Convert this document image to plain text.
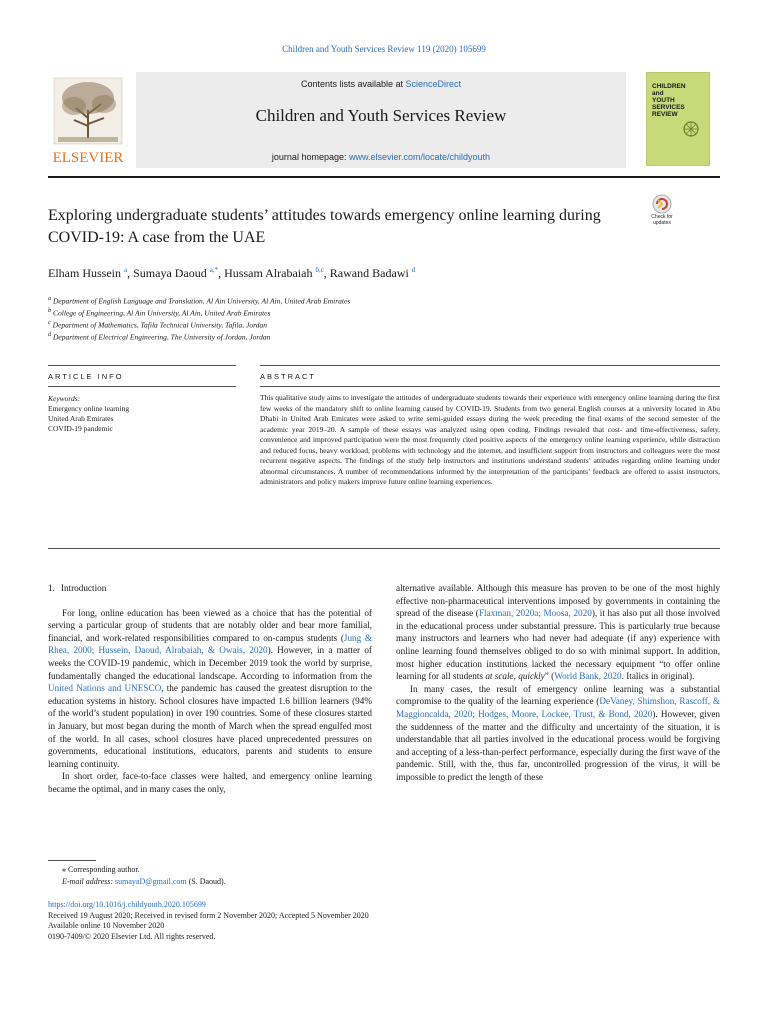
Children and Youth Services Review 119 (2020) 105699
ELSEVIER
Contents lists available at ScienceDirect
Children and Youth Services Review
journal homepage: www.elsevier.com/locate/childyouth
CHILDREN
and
YOUTH
SERVICES
REVIEW
Exploring undergraduate students’ attitudes towards emergency online learning during COVID-19: A case from the UAE
Check for
updates
Elham Hussein $^a$, Sumaya Daoud $^{a,*}$, Hussam Alrabaiah $^{b,c}$, Rawand Badawi $^d$
$^a$ Department of English Language and Translation, Al Ain University, Al Ain, United Arab Emirates
$^b$ College of Engineering, Al Ain University, Al Ain, United Arab Emirates
$^c$ Department of Mathematics, Tafila Technical University, Tafila, Jordan
$^d$ Department of Electrical Engineering, The University of Jordan, Jordan
ARTICLE INFO	ABSTRACT
Keywords:
Emergency online learning
United Arab Emirates
COVID-19 pandemic
This qualitative study aims to investigate the attitudes of undergraduate students towards their experience with emergency online learning during the first few weeks of the mandatory shift to online learning caused by COVID-19. Students from two general English courses at a university located in Abu Dhabi in United Arab Emirates were asked to write semi-guided essays during the week preceding the final exams of the second semester of the academic year 2019–20. A sample of these essays was analyzed using open coding. Findings revealed that cost- and time-effectiveness, safety, convenience and improved participation were the most frequently cited positive aspects of the emergency online learning experience, while distraction and reduced focus, heavy workload, problems with technology and the internet, and insufficient support from instructors and colleagues were the most recurrent negative aspects. The findings of the study help instructors and institutions understand students’ attitudes regarding online learning under abnormal circumstances. A number of recommendations informed by the interpretation of the participants’ feedback are offered to assist instructors, administrators and policy makers improve future online learning experiences.
1. Introduction

For long, online education has been viewed as a choice that has the potential of serving a particular group of students that are notably older and bear more familial, financial, and work-related responsibilities compared to on-campus students (Jung & Rhea, 2000; Hussein, Daoud, Alrabaiah, & Owais, 2020). However, in a matter of weeks the COVID-19 pandemic, which in December 2019 took the world by surprise, fundamentally changed the educational landscape. According to information from the United Nations and UNESCO, the pandemic has caused the greatest disruption to the education systems in history. School closures have impacted 1.6 billion learners (94% of the world’s student population) in over 190 countries. Some of these closures started in January, but most began during the month of March when the spread engulfed most of the world. In all cases, school closures have placed unprecedented pressures on governments, educational institutions, educators, parents and students to ensure learning continuity.

In short order, face-to-face classes were halted, and emergency online learning became the optimal, and in many cases the only,

alternative available. Although this measure has proven to be one of the most highly effective non-pharmaceutical interventions imposed by governments in containing the spread of the disease (Flaxman, 2020a; Moosa, 2020), it has also put all those involved in the educational process under substantial pressure. This is particularly true because many instructors and learners who had never had adequate (if any) experience with online learning found themselves obliged to do so with minimal support. In addition, most higher education institutions lacked the necessary equipment “to offer online learning for all students at scale, quickly” (World Bank, 2020. Italics in original).

In many cases, the result of emergency online learning was a substantial compromise to the quality of the learning experience (DeVaney, Shimshon, Rascoff, & Maggioncalda, 2020; Hodges, Moore, Lockee, Trust, & Bond, 2020). However, given the suddenness of the matter and the difficulty and uncertainty of the situation, it is understandable that all parties involved in the educational process would be forgiving and accepting of a less-than-perfect performance, especially during the first wave of the pandemic. Still, with the, thus far, uncontrolled progression of the virus, it will be impossible to predict the length of these

⁎ Corresponding author.
E-mail address: sumayaD@gmail.com (S. Daoud).
https://doi.org/10.1016/j.childyouth.2020.105699
Received 19 August 2020; Received in revised form 2 November 2020; Accepted 5 November 2020
Available online 10 November 2020
0190-7409/© 2020 Elsevier Ltd. All rights reserved.
